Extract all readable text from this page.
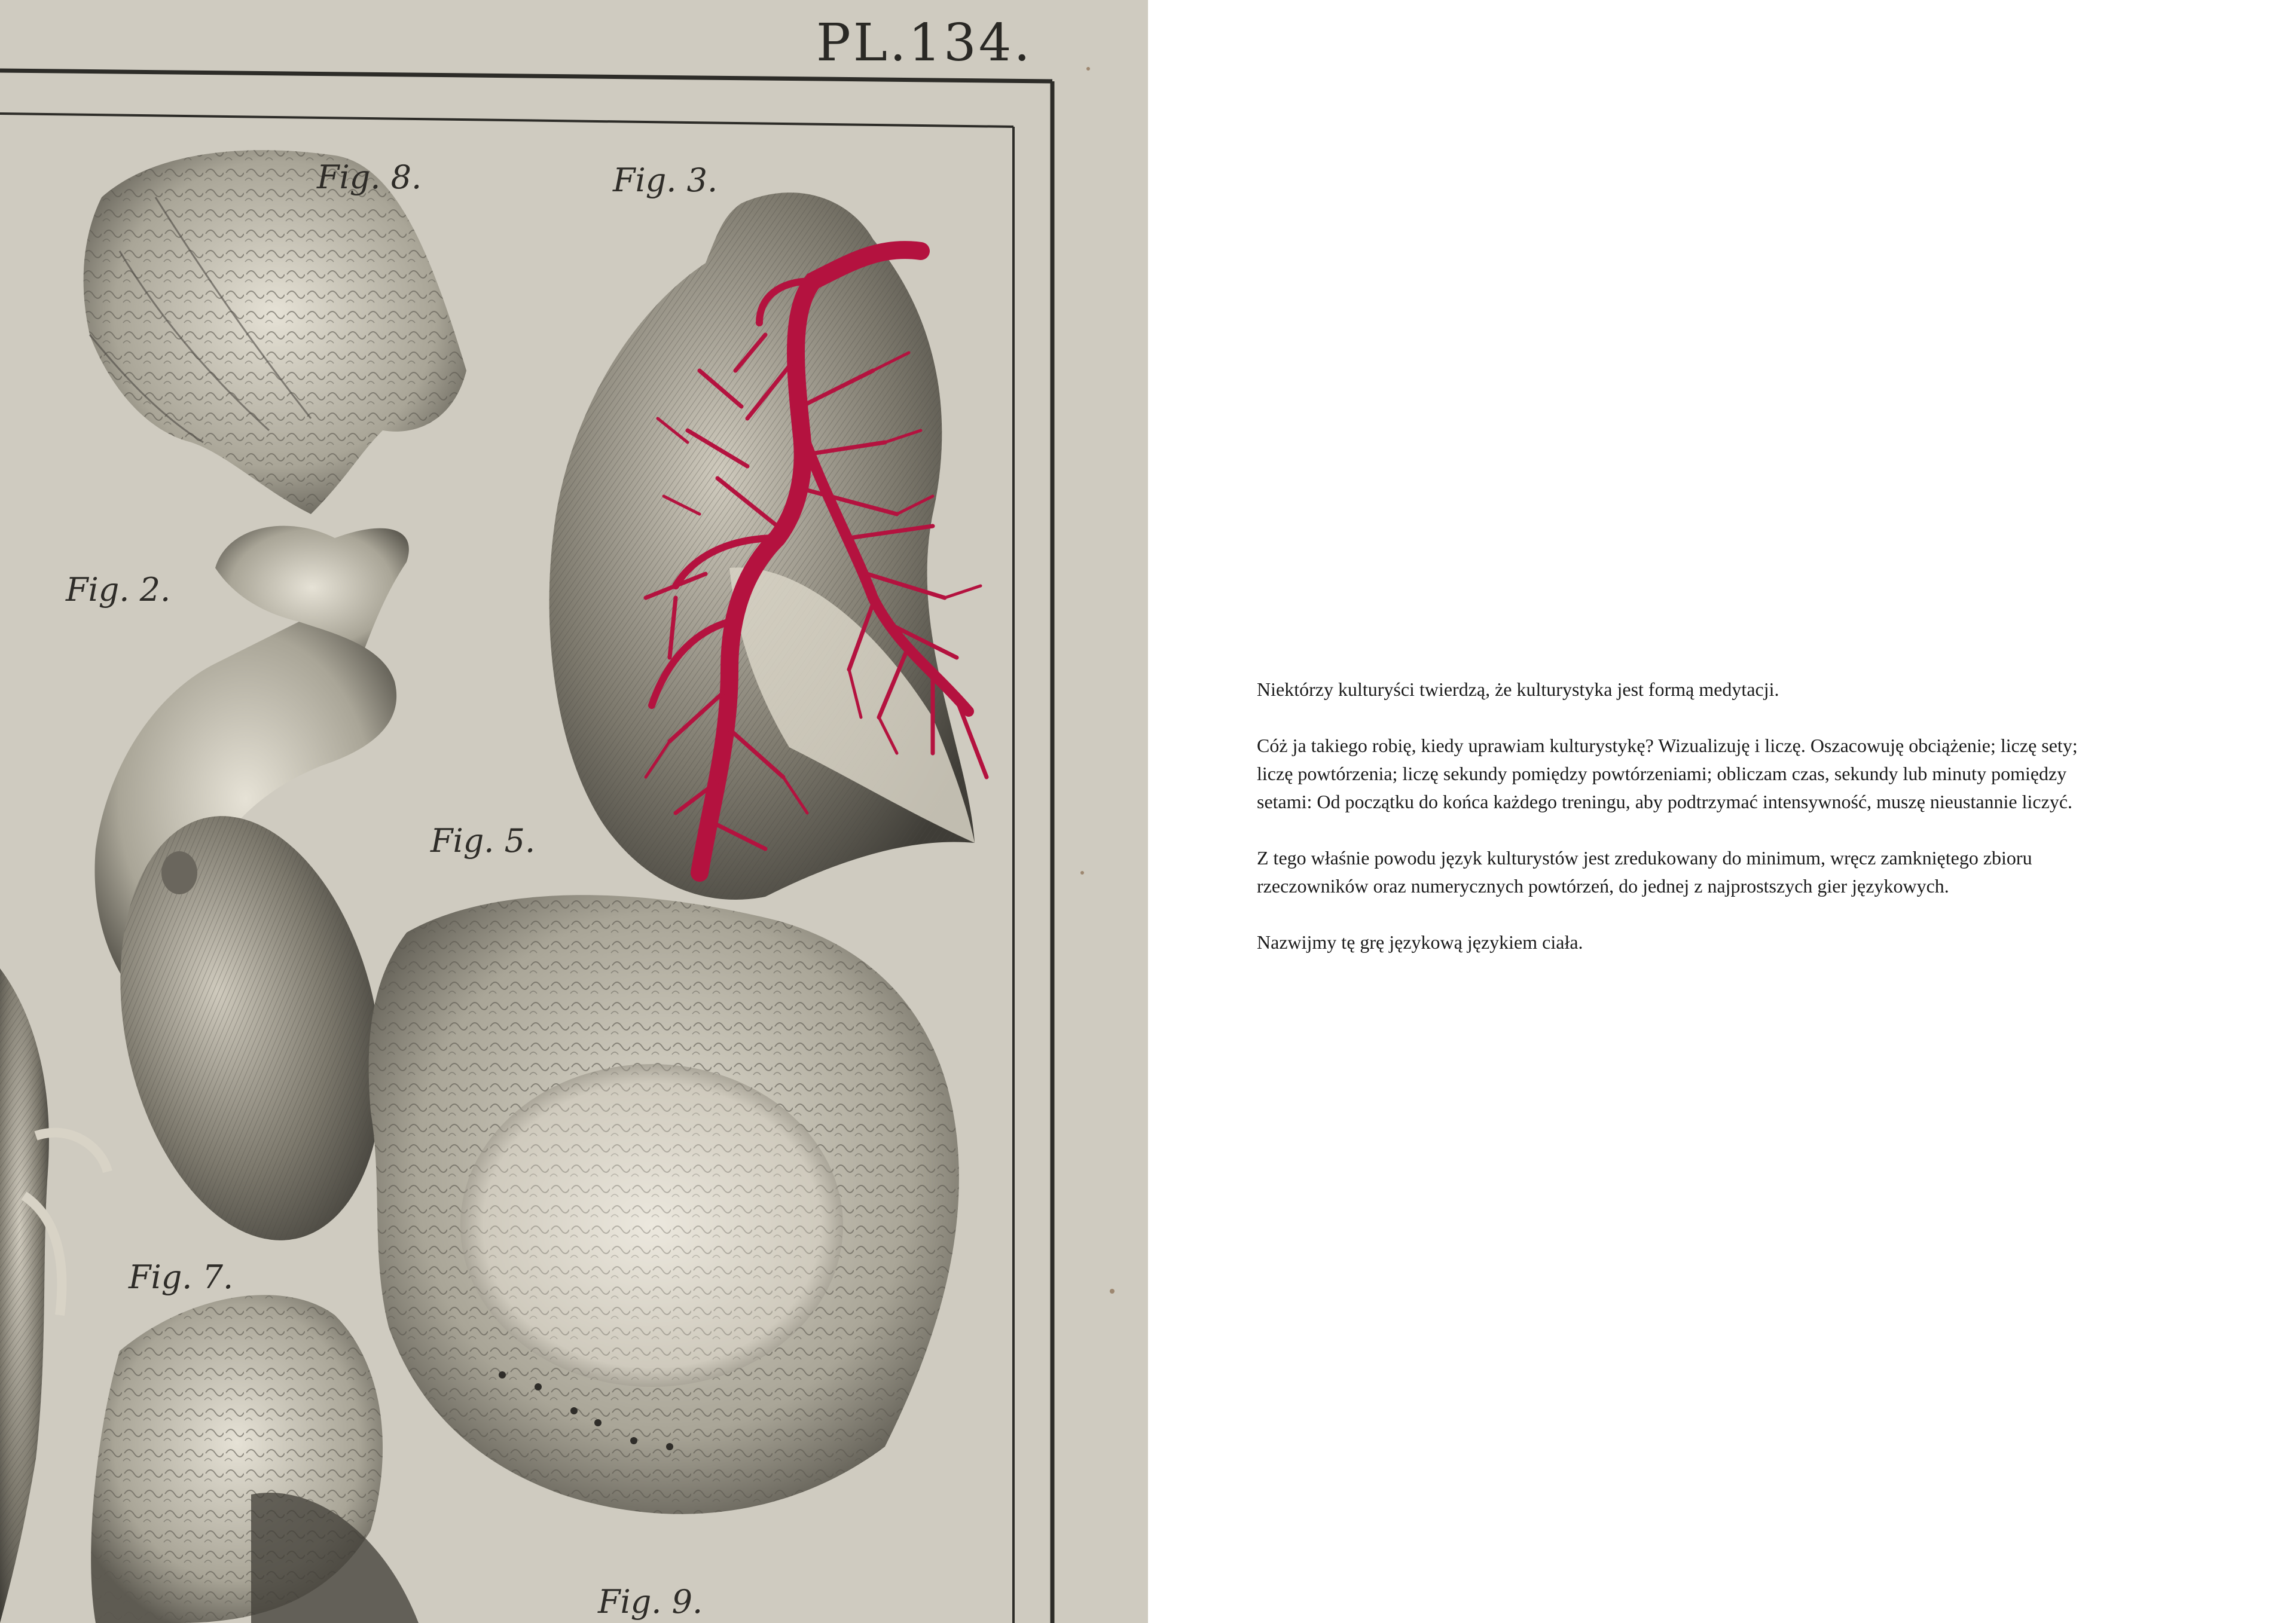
PL.134.

Fig. 8.	Fig. 3.

Fig. 2.

Fig. 5.

Fig. 7.

Fig. 9.

Niektórzy kulturyści twierdzą, że kulturystyka jest formą medytacji.

Cóż ja takiego robię, kiedy uprawiam kulturystykę? Wizualizuję i liczę. Oszacowuję obciążenie; liczę sety; liczę powtórzenia; liczę sekundy pomiędzy powtórzeniami; obliczam czas, sekundy lub minuty pomiędzy setami: Od początku do końca każdego treningu, aby podtrzymać intensywność, muszę nieustannie liczyć.

Z tego właśnie powodu język kulturystów jest zredukowany do minimum, wręcz zamkniętego zbioru rzeczowników oraz numerycznych powtórzeń, do jednej z najprostszych gier językowych.

Nazwijmy tę grę językową językiem ciała.
